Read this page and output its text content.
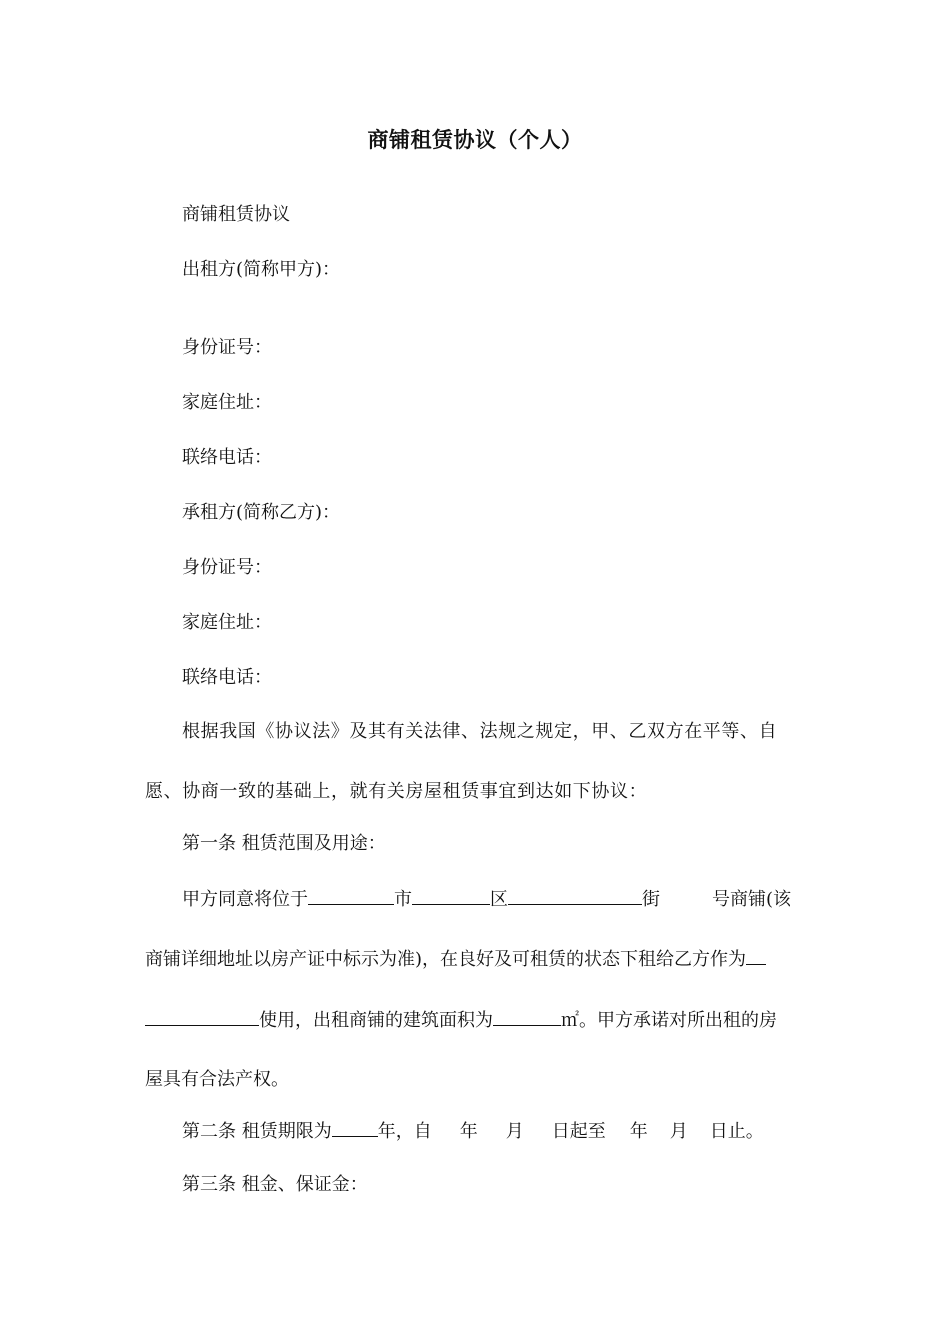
商铺租赁协议（个人）
商铺租赁协议
出租方(简称甲方)：
身份证号：
家庭住址：
联络电话：
承租方(简称乙方)：
身份证号：
家庭住址：
联络电话：
根据我国《协议法》及其有关法律、法规之规定，甲、乙双方在平等、自
愿、协商一致的基础上，就有关房屋租赁事宜到达如下协议：
第一条 租赁范围及用途：
甲方同意将位于	市	区	街	号商铺(该
商铺详细地址以房产证中标示为准)，在良好及可租赁的状态下租给乙方作为
使用，出租商铺的建筑面积为	㎡。甲方承诺对所出租的房
屋具有合法产权。
第二条 租赁期限为	年，自 年 月 日起至 年 月 日止。
第三条 租金、保证金：
